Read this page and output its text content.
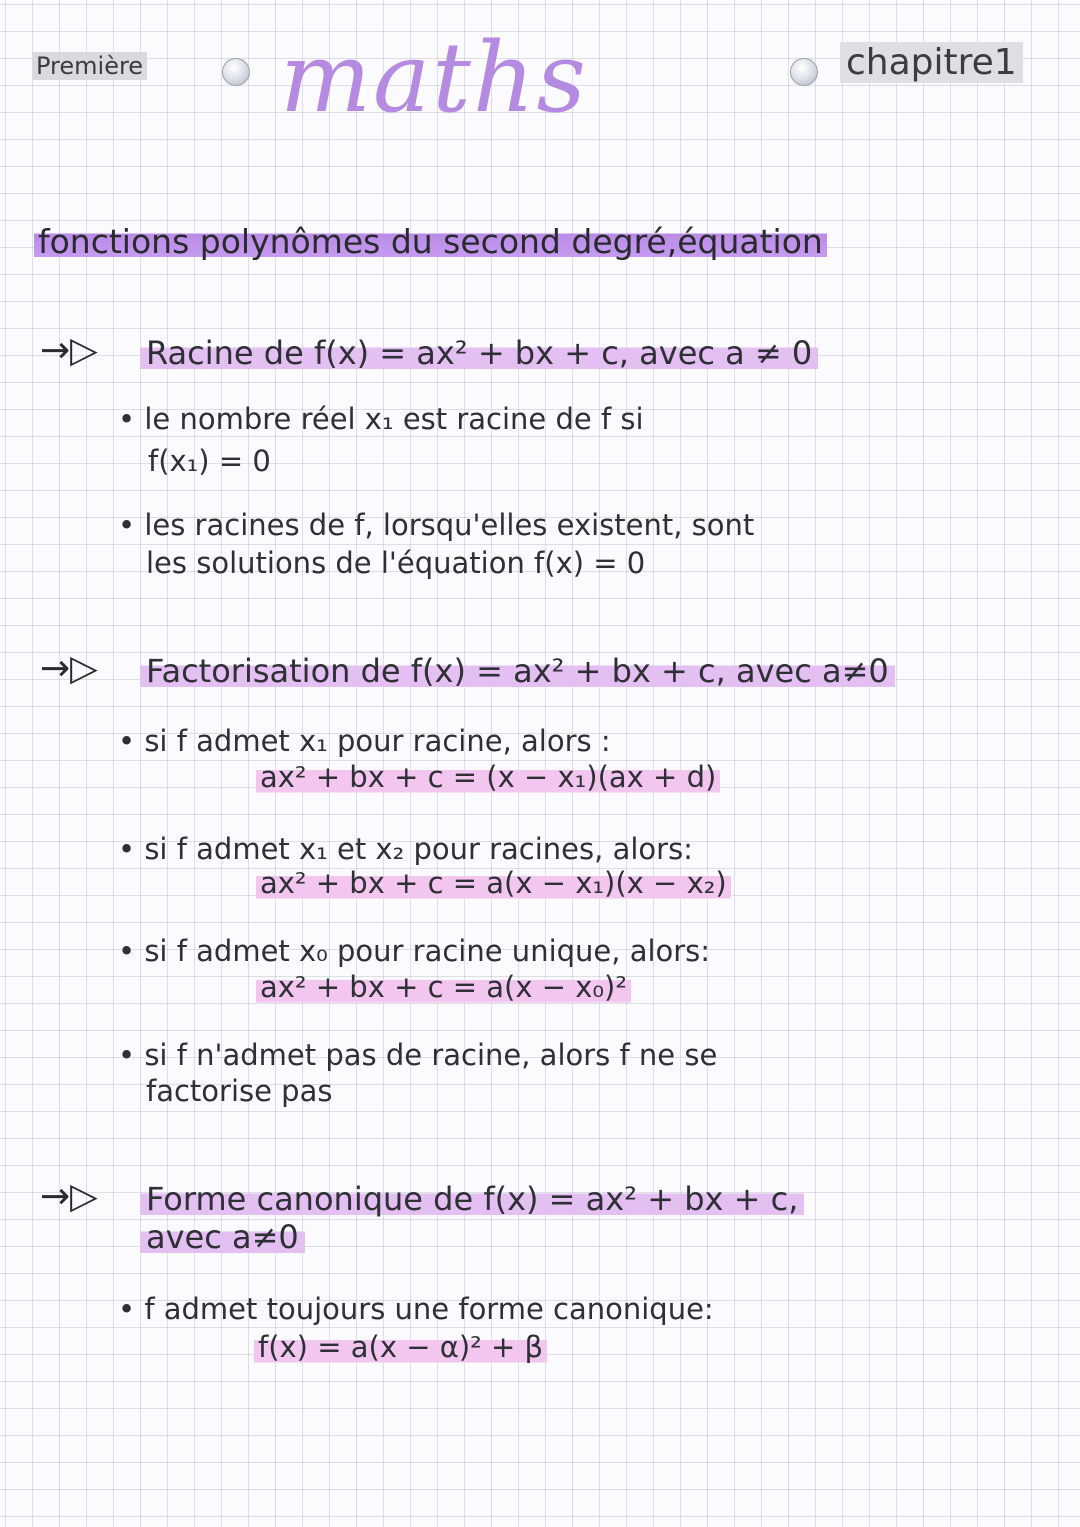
Première maths	chapitre1
fonctions polynômes du second degré,équation
→▷ Racine de f(x) = ax² + bx + c, avec a ≠ 0
• le nombre réel x₁ est racine de f si
f(x₁) = 0
• les racines de f, lorsqu'elles existent, sont
les solutions de l'équation f(x) = 0
→▷ Factorisation de f(x) = ax² + bx + c, avec a≠0
• si f admet x₁ pour racine, alors :
ax² + bx + c = (x − x₁)(ax + d)
• si f admet x₁ et x₂ pour racines, alors:
ax² + bx + c = a(x − x₁)(x − x₂)
• si f admet x₀ pour racine unique, alors:
ax² + bx + c = a(x − x₀)²
• si f n'admet pas de racine, alors f ne se
factorise pas
→▷ Forme canonique de f(x) = ax² + bx + c,
avec a≠0
• f admet toujours une forme canonique:
f(x) = a(x − α)² + β
